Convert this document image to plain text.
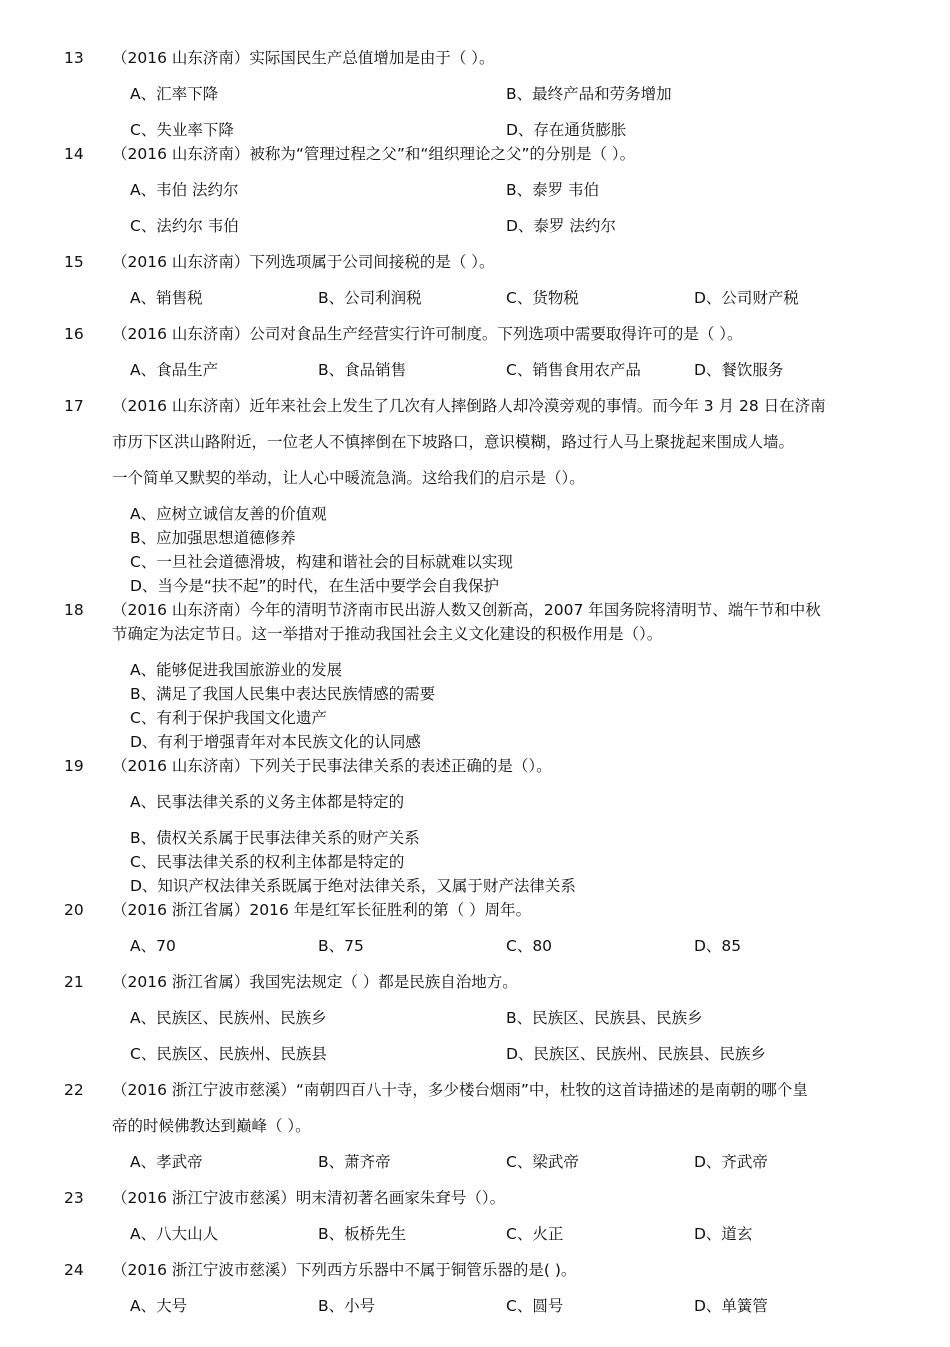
13 （2016 山东济南）实际国民生产总值增加是由于（ ）。
A、汇率下降	B、最终产品和劳务增加
C、失业率下降	D、存在通货膨胀
14 （2016 山东济南）被称为“管理过程之父”和“组织理论之父”的分别是（ ）。
A、韦伯 法约尔	B、泰罗 韦伯
C、法约尔 韦伯	D、泰罗 法约尔
15 （2016 山东济南）下列选项属于公司间接税的是（ ）。
A、销售税	B、公司利润税	C、货物税	D、公司财产税
16 （2016 山东济南）公司对食品生产经营实行许可制度。下列选项中需要取得许可的是（ ）。
A、食品生产	B、食品销售	C、销售食用农产品	D、餐饮服务
17 （2016 山东济南）近年来社会上发生了几次有人摔倒路人却冷漠旁观的事情。而今年 3 月 28 日在济南
市历下区洪山路附近，一位老人不慎摔倒在下坡路口，意识模糊，路过行人马上聚拢起来围成人墙。
一个简单又默契的举动，让人心中暖流急淌。这给我们的启示是（）。
A、应树立诚信友善的价值观
B、应加强思想道德修养
C、一旦社会道德滑坡，构建和谐社会的目标就难以实现
D、当今是“扶不起”的时代，在生活中要学会自我保护
18 （2016 山东济南）今年的清明节济南市民出游人数又创新高，2007 年国务院将清明节、端午节和中秋
节确定为法定节日。这一举措对于推动我国社会主义文化建设的积极作用是（）。
A、能够促进我国旅游业的发展
B、满足了我国人民集中表达民族情感的需要
C、有利于保护我国文化遗产
D、有利于增强青年对本民族文化的认同感
19 （2016 山东济南）下列关于民事法律关系的表述正确的是（）。
A、民事法律关系的义务主体都是特定的
B、债权关系属于民事法律关系的财产关系
C、民事法律关系的权利主体都是特定的
D、知识产权法律关系既属于绝对法律关系，又属于财产法律关系
20 （2016 浙江省属）2016 年是红军长征胜利的第（ ）周年。
A、70	B、75	C、80	D、85
21 （2016 浙江省属）我国宪法规定（ ）都是民族自治地方。
A、民族区、民族州、民族乡	B、民族区、民族县、民族乡
C、民族区、民族州、民族县	D、民族区、民族州、民族县、民族乡
22 （2016 浙江宁波市慈溪）“南朝四百八十寺，多少楼台烟雨”中，杜牧的这首诗描述的是南朝的哪个皇
帝的时候佛教达到巅峰（ ）。
A、孝武帝	B、萧齐帝	C、梁武帝	D、齐武帝
23 （2016 浙江宁波市慈溪）明末清初著名画家朱耷号（）。
A、八大山人	B、板桥先生	C、火正	D、道玄
24 （2016 浙江宁波市慈溪）下列西方乐器中不属于铜管乐器的是( )。
A、大号	B、小号	C、圆号	D、单簧管
